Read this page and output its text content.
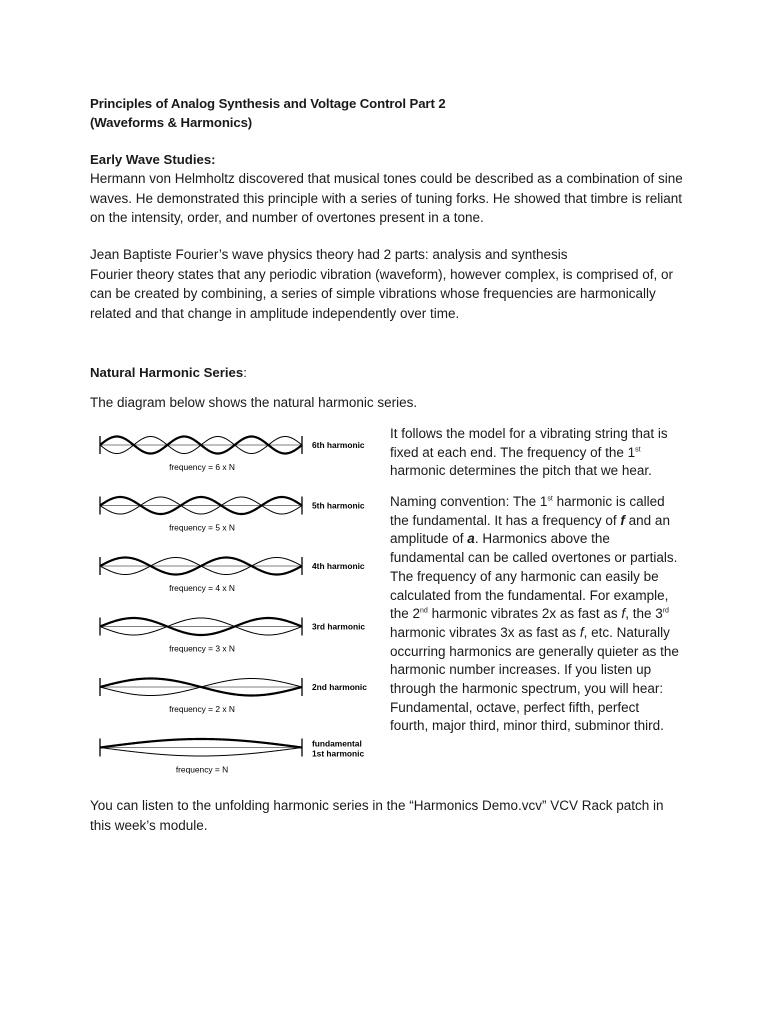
Principles of Analog Synthesis and Voltage Control Part 2
(Waveforms & Harmonics)
Early Wave Studies:

Hermann von Helmholtz discovered that musical tones could be described as a combination of sine waves. He demonstrated this principle with a series of tuning forks. He showed that timbre is reliant on the intensity, order, and number of overtones present in a tone.

Jean Baptiste Fourier’s wave physics theory had 2 parts: analysis and synthesis
Fourier theory states that any periodic vibration (waveform), however complex, is comprised of, or can be created by combining, a series of simple vibrations whose frequencies are harmonically related and that change in amplitude independently over time.

Natural Harmonic Series:

The diagram below shows the natural harmonic series.

6th harmonic
frequency = 6 x N
5th harmonic
frequency = 5 x N
4th harmonic
frequency = 4 x N
3rd harmonic
frequency = 3 x N
2nd harmonic
frequency = 2 x N
fundamental
1st harmonic
frequency = N

It follows the model for a vibrating string that is fixed at each end. The frequency of the 1st harmonic determines the pitch that we hear.

Naming convention: The 1st harmonic is called the fundamental. It has a frequency of f and an amplitude of a. Harmonics above the fundamental can be called overtones or partials. The frequency of any harmonic can easily be calculated from the fundamental. For example, the 2nd harmonic vibrates 2x as fast as f, the 3rd harmonic vibrates 3x as fast as f, etc. Naturally occurring harmonics are generally quieter as the harmonic number increases. If you listen up through the harmonic spectrum, you will hear: Fundamental, octave, perfect fifth, perfect fourth, major third, minor third, subminor third.

You can listen to the unfolding harmonic series in the “Harmonics Demo.vcv” VCV Rack patch in this week’s module.
